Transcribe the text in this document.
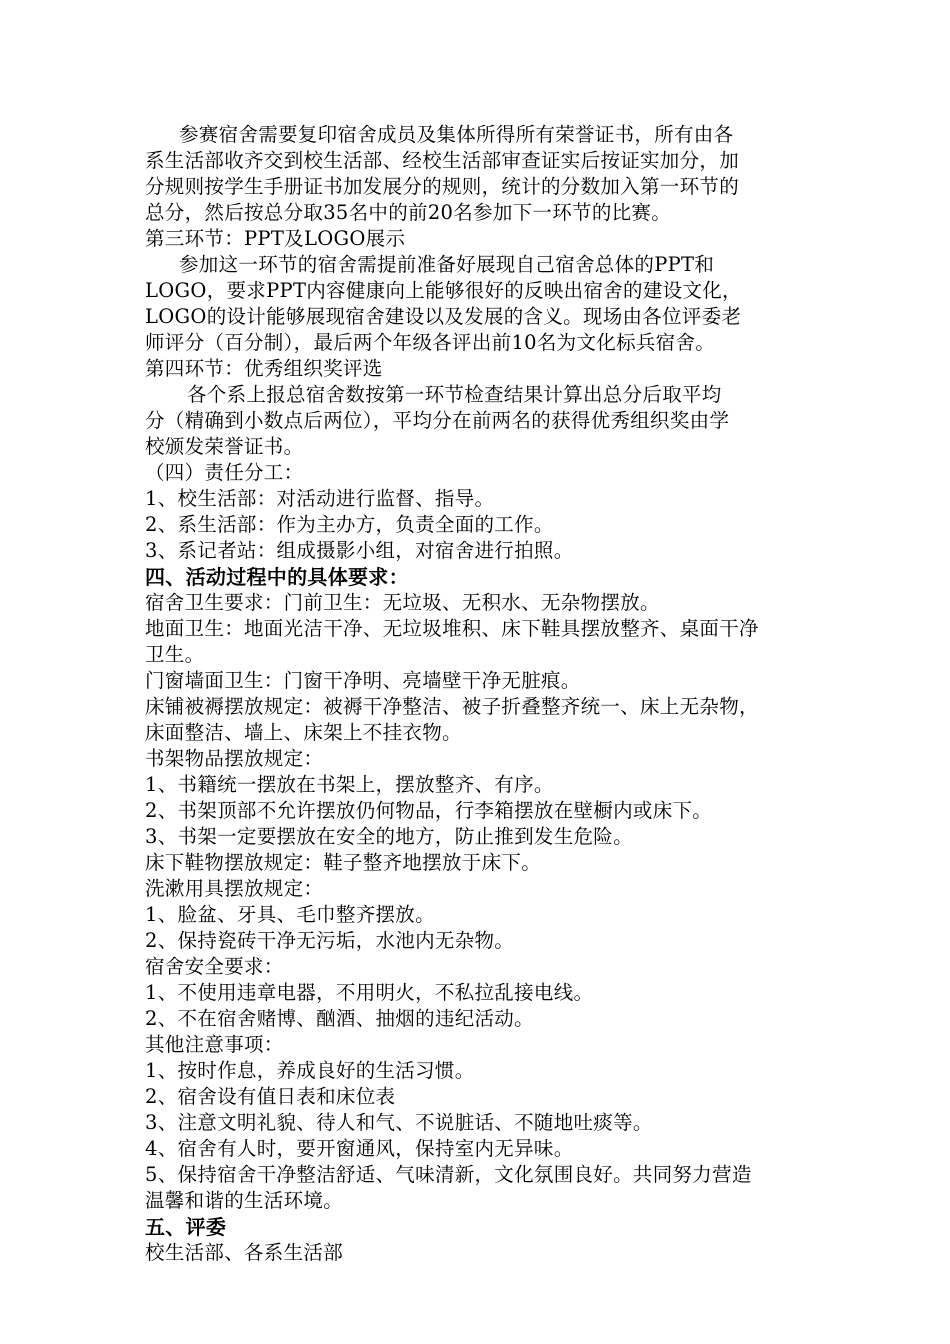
参赛宿舍需要复印宿舍成员及集体所得所有荣誉证书，所有由各
系生活部收齐交到校生活部、经校生活部审查证实后按证实加分，加
分规则按学生手册证书加发展分的规则，统计的分数加入第一环节的
总分，然后按总分取35名中的前20名参加下一环节的比赛。
第三环节：PPT及LOGO展示
参加这一环节的宿舍需提前准备好展现自己宿舍总体的PPT和
LOGO，要求PPT内容健康向上能够很好的反映出宿舍的建设文化，
LOGO的设计能够展现宿舍建设以及发展的含义。现场由各位评委老
师评分（百分制），最后两个年级各评出前10名为文化标兵宿舍。
第四环节：优秀组织奖评选
各个系上报总宿舍数按第一环节检查结果计算出总分后取平均
分（精确到小数点后两位），平均分在前两名的获得优秀组织奖由学
校颁发荣誉证书。
（四）责任分工：
1、校生活部：对活动进行监督、指导。
2、系生活部：作为主办方，负责全面的工作。
3、系记者站：组成摄影小组，对宿舍进行拍照。
四、活动过程中的具体要求：
宿舍卫生要求：门前卫生：无垃圾、无积水、无杂物摆放。
地面卫生：地面光洁干净、无垃圾堆积、床下鞋具摆放整齐、桌面干净
卫生。
门窗墙面卫生：门窗干净明、亮墙壁干净无脏痕。
床铺被褥摆放规定：被褥干净整洁、被子折叠整齐统一、床上无杂物，
床面整洁、墙上、床架上不挂衣物。
书架物品摆放规定：
1、书籍统一摆放在书架上，摆放整齐、有序。
2、书架顶部不允许摆放仍何物品，行李箱摆放在壁橱内或床下。
3、书架一定要摆放在安全的地方，防止推到发生危险。
床下鞋物摆放规定：鞋子整齐地摆放于床下。
洗漱用具摆放规定：
1、脸盆、牙具、毛巾整齐摆放。
2、保持瓷砖干净无污垢，水池内无杂物。
宿舍安全要求：
1、不使用违章电器，不用明火，不私拉乱接电线。
2、不在宿舍赌博、酗酒、抽烟的违纪活动。
其他注意事项：
1、按时作息，养成良好的生活习惯。
2、宿舍设有值日表和床位表
3、注意文明礼貌、待人和气、不说脏话、不随地吐痰等。
4、宿舍有人时，要开窗通风，保持室内无异味。
5、保持宿舍干净整洁舒适、气味清新，文化氛围良好。共同努力营造
温馨和谐的生活环境。
五、评委
校生活部、各系生活部
